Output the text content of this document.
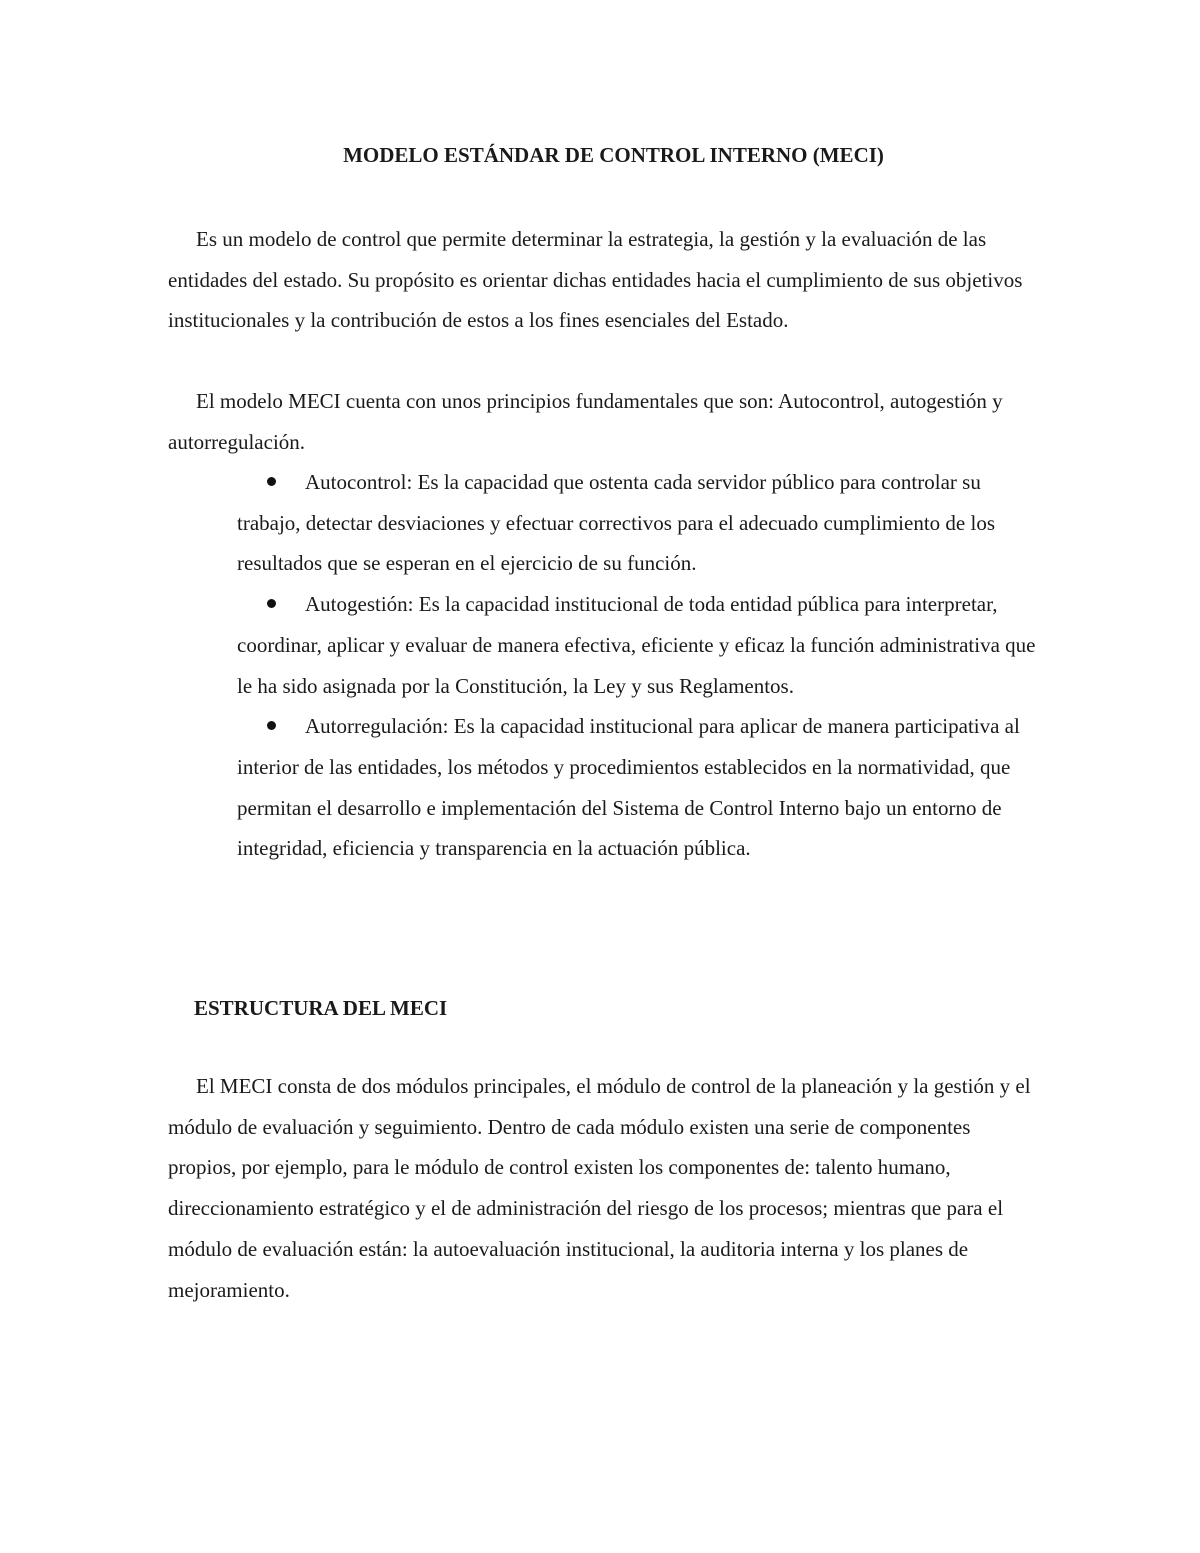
MODELO ESTÁNDAR DE CONTROL INTERNO (MECI)

Es un modelo de control que permite determinar la estrategia, la gestión y la evaluación de las entidades del estado. Su propósito es orientar dichas entidades hacia el cumplimiento de sus objetivos institucionales y la contribución de estos a los fines esenciales del Estado.

El modelo MECI cuenta con unos principios fundamentales que son: Autocontrol, autogestión y autorregulación.

Autocontrol: Es la capacidad que ostenta cada servidor público para controlar su trabajo, detectar desviaciones y efectuar correctivos para el adecuado cumplimiento de los resultados que se esperan en el ejercicio de su función.
Autogestión: Es la capacidad institucional de toda entidad pública para interpretar, coordinar, aplicar y evaluar de manera efectiva, eficiente y eficaz la función administrativa que le ha sido asignada por la Constitución, la Ley y sus Reglamentos.
Autorregulación: Es la capacidad institucional para aplicar de manera participativa al interior de las entidades, los métodos y procedimientos establecidos en la normatividad, que permitan el desarrollo e implementación del Sistema de Control Interno bajo un entorno de integridad, eficiencia y transparencia en la actuación pública.
ESTRUCTURA DEL MECI

El MECI consta de dos módulos principales, el módulo de control de la planeación y la gestión y el módulo de evaluación y seguimiento. Dentro de cada módulo existen una serie de componentes propios, por ejemplo, para le módulo de control existen los componentes de: talento humano, direccionamiento estratégico y el de administración del riesgo de los procesos; mientras que para el módulo de evaluación están: la autoevaluación institucional, la auditoria interna y los planes de mejoramiento.
